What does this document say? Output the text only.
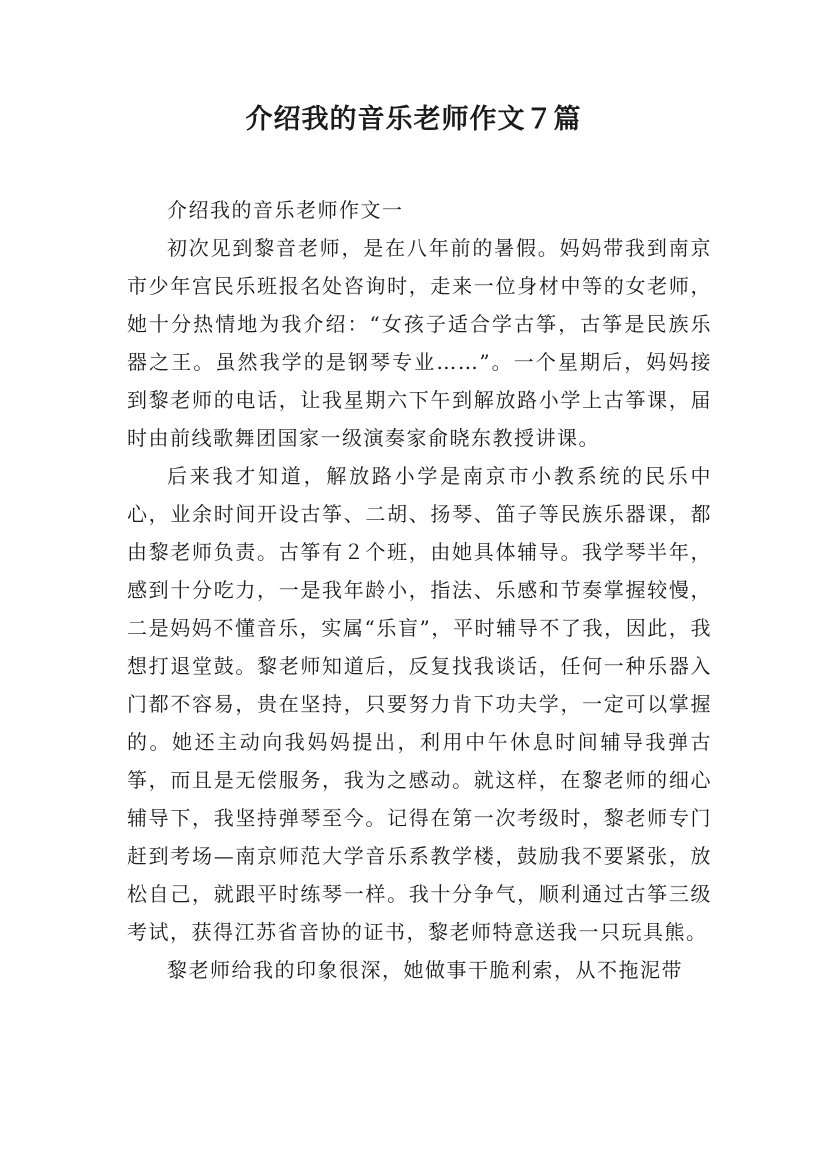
介绍我的音乐老师作文７篇

介绍我的音乐老师作文一

初次见到黎音老师，是在八年前的暑假。妈妈带我到南京市少年宫民乐班报名处咨询时，走来一位身材中等的女老师，她十分热情地为我介绍：“女孩子适合学古筝，古筝是民族乐器之王。虽然我学的是钢琴专业……”。一个星期后，妈妈接到黎老师的电话，让我星期六下午到解放路小学上古筝课，届时由前线歌舞团国家一级演奏家俞晓东教授讲课。

后来我才知道，解放路小学是南京市小教系统的民乐中心，业余时间开设古筝、二胡、扬琴、笛子等民族乐器课，都由黎老师负责。古筝有２个班，由她具体辅导。我学琴半年，感到十分吃力，一是我年龄小，指法、乐感和节奏掌握较慢，二是妈妈不懂音乐，实属“乐盲”，平时辅导不了我，因此，我想打退堂鼓。黎老师知道后，反复找我谈话，任何一种乐器入门都不容易，贵在坚持，只要努力肯下功夫学，一定可以掌握的。她还主动向我妈妈提出，利用中午休息时间辅导我弹古筝，而且是无偿服务，我为之感动。就这样，在黎老师的细心辅导下，我坚持弹琴至今。记得在第一次考级时，黎老师专门赶到考场—南京师范大学音乐系教学楼，鼓励我不要紧张，放松自己，就跟平时练琴一样。我十分争气，顺利通过古筝三级考试，获得江苏省音协的证书，黎老师特意送我一只玩具熊。

黎老师给我的印象很深，她做事干脆利索，从不拖泥带
